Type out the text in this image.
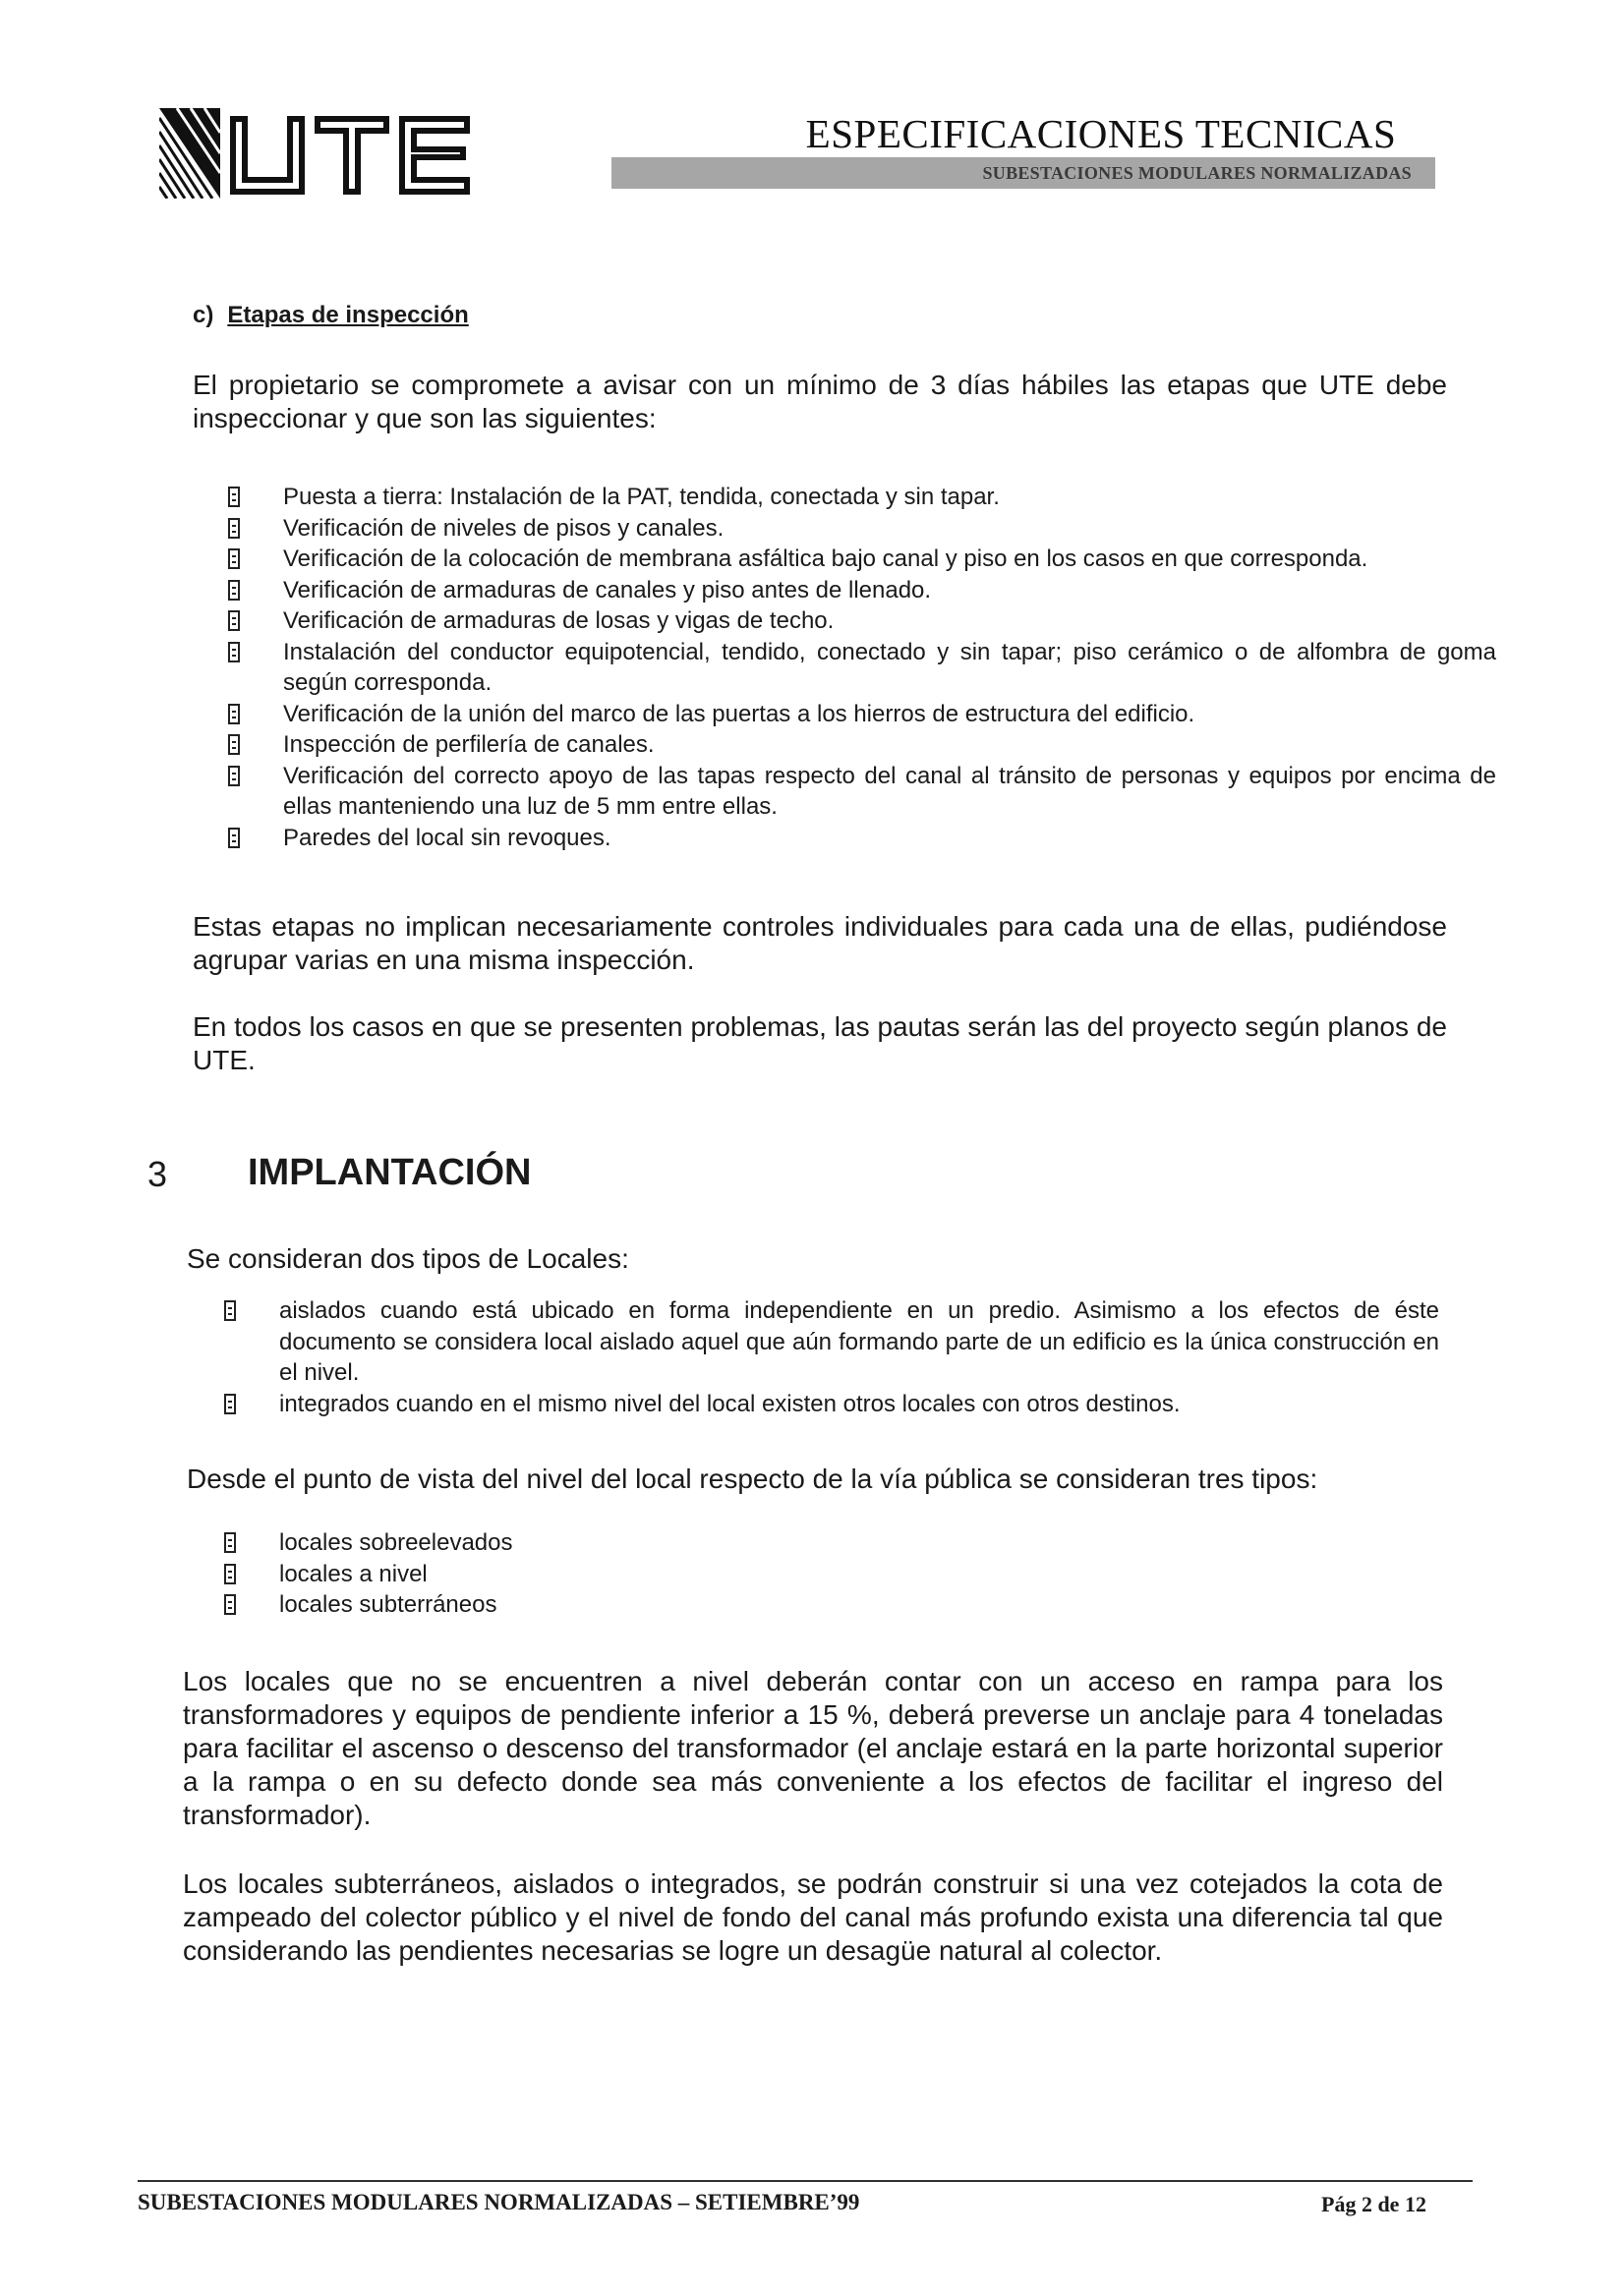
ESPECIFICACIONES TECNICAS
SUBESTACIONES MODULARES NORMALIZADAS
c) Etapas de inspección

El propietario se compromete a avisar con un mínimo de 3 días hábiles las etapas que UTE debe inspeccionar y que son las siguientes:

Puesta a tierra: Instalación de la PAT, tendida, conectada y sin tapar.
Verificación de niveles de pisos y canales.
Verificación de la colocación de membrana asfáltica bajo canal y piso en los casos en que corresponda.
Verificación de armaduras de canales y piso antes de llenado.
Verificación de armaduras de losas y vigas de techo.
Instalación del conductor equipotencial, tendido, conectado y sin tapar; piso cerámico o de alfombra de goma según corresponda.
Verificación de la unión del marco de las puertas a los hierros de estructura del edificio.
Inspección de perfilería de canales.
Verificación del correcto apoyo de las tapas respecto del canal al tránsito de personas y equipos por encima de ellas manteniendo una luz de 5 mm entre ellas.
Paredes del local sin revoques.

Estas etapas no implican necesariamente controles individuales para cada una de ellas, pudiéndose agrupar varias en una misma inspección.

En todos los casos en que se presenten problemas, las pautas serán las del proyecto según planos de UTE.

3 IMPLANTACIÓN

Se consideran dos tipos de Locales:

aislados cuando está ubicado en forma independiente en un predio. Asimismo a los efectos de éste documento se considera local aislado aquel que aún formando parte de un edificio es la única construcción en el nivel.
integrados cuando en el mismo nivel del local existen otros locales con otros destinos.

Desde el punto de vista del nivel del local respecto de la vía pública se consideran tres tipos:

locales sobreelevados
locales a nivel
locales subterráneos

Los locales que no se encuentren a nivel deberán contar con un acceso en rampa para los transformadores y equipos de pendiente inferior a 15 %, deberá preverse un anclaje para 4 toneladas para facilitar el ascenso o descenso del transformador (el anclaje estará en la parte horizontal superior a la rampa o en su defecto donde sea más conveniente a los efectos de facilitar el ingreso del transformador).

Los locales subterráneos, aislados o integrados, se podrán construir si una vez cotejados la cota de zampeado del colector público y el nivel de fondo del canal más profundo exista una diferencia tal que considerando las pendientes necesarias se logre un desagüe natural al colector.

SUBESTACIONES MODULARES NORMALIZADAS – SETIEMBRE’99	Pág 2 de 12
